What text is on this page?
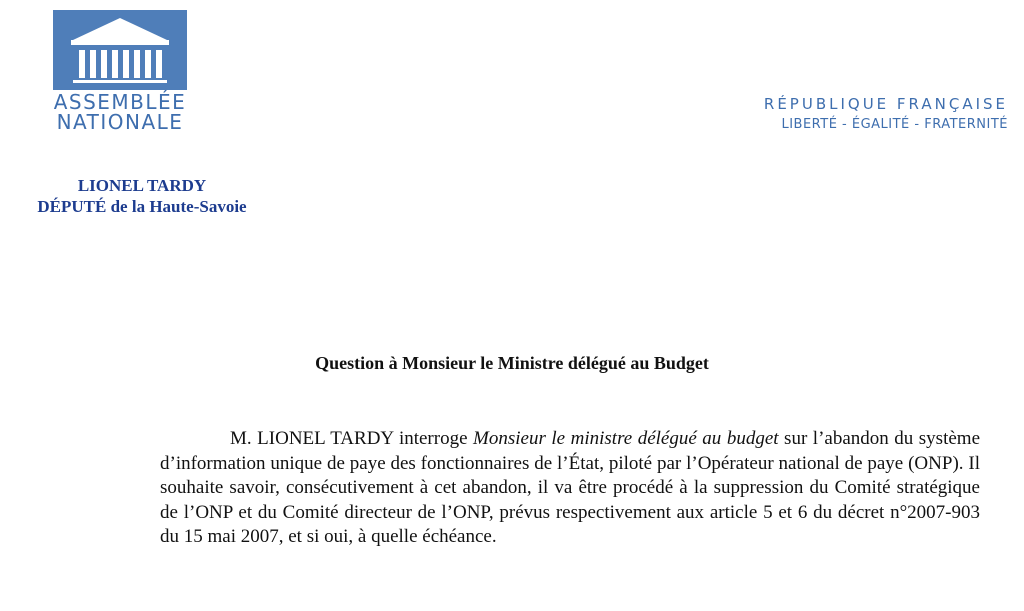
ASSEMBLÉE
NATIONALE
RÉPUBLIQUE FRANÇAISE
LIBERTÉ - ÉGALITÉ - FRATERNITÉ
LIONEL TARDY
DÉPUTÉ de la Haute-Savoie
Question à Monsieur le Ministre délégué au Budget
M. LIONEL TARDY interroge Monsieur le ministre délégué au budget sur l’abandon du système d’information unique de paye des fonctionnaires de l’État, piloté par l’Opérateur national de paye (ONP). Il souhaite savoir, consécutivement à cet abandon, il va être procédé à la suppression du Comité stratégique de l’ONP et du Comité directeur de l’ONP, prévus respectivement aux article 5 et 6 du décret n°2007-903 du 15 mai 2007, et si oui, à quelle échéance.
